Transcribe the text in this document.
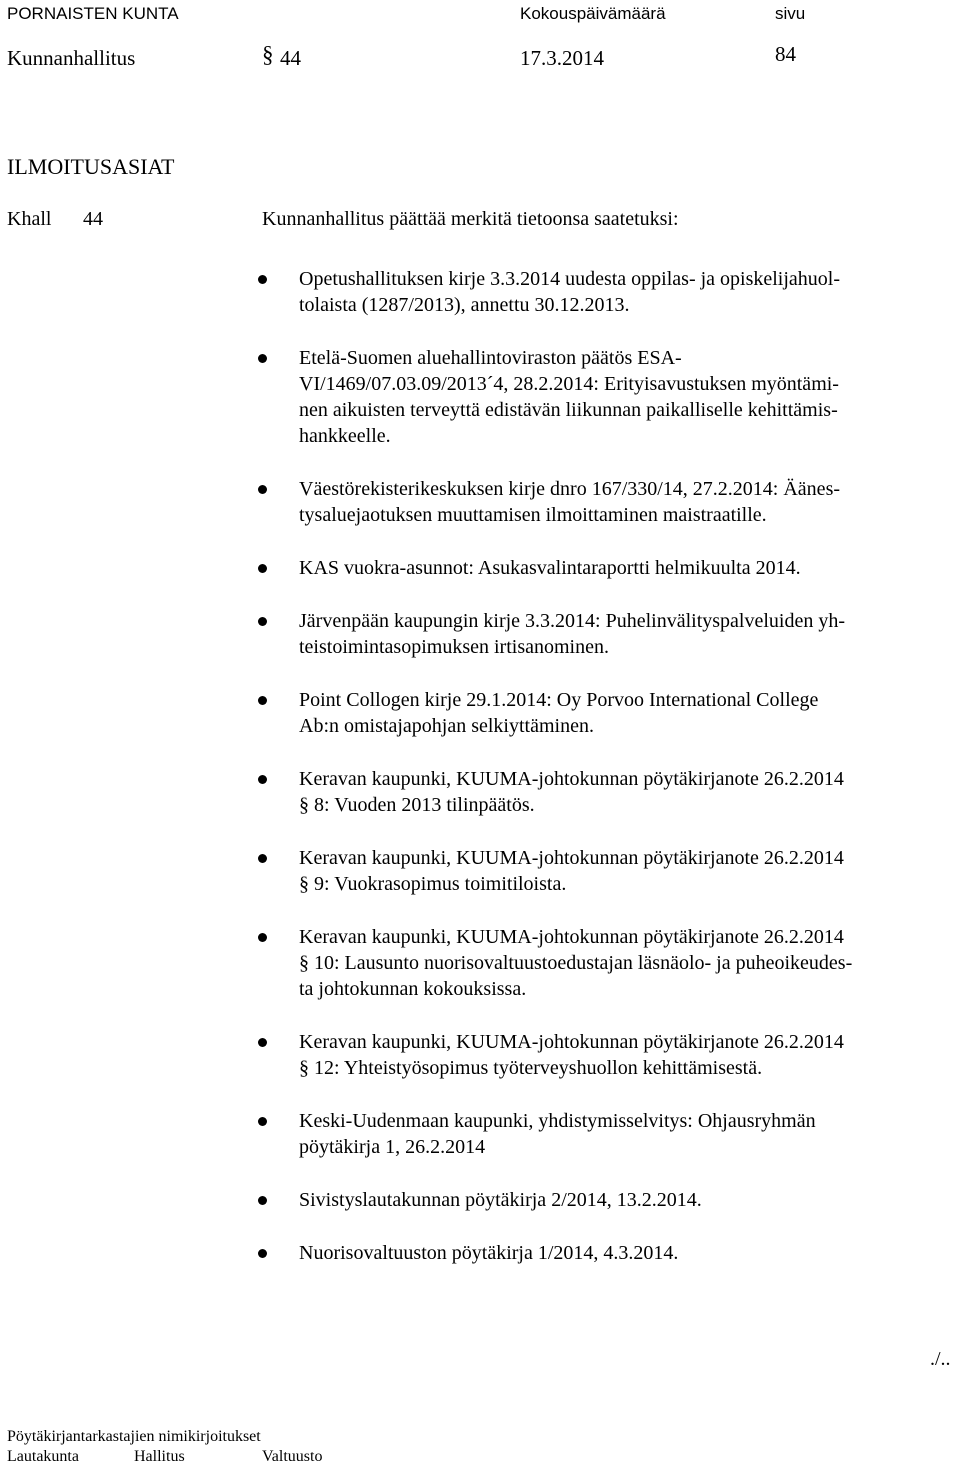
PORNAISTEN KUNTA	Kokouspäivämäärä	sivu
Kunnanhallitus	§ 44	17.3.2014	84
ILMOITUSASIAT
Khall 44	Kunnanhallitus päättää merkitä tietoonsa saatetuksi:
Opetushallituksen kirje 3.3.2014 uudesta oppilas- ja opiskelijahuol-
tolaista (1287/2013), annettu 30.12.2013.
Etelä-Suomen aluehallintoviraston päätös ESA-
VI/1469/07.03.09/2013´4, 28.2.2014: Erityisavustuksen myöntämi-
nen aikuisten terveyttä edistävän liikunnan paikalliselle kehittämis-
hankkeelle.
Väestörekisterikeskuksen kirje dnro 167/330/14, 27.2.2014: Äänes-
tysaluejaotuksen muuttamisen ilmoittaminen maistraatille.
KAS vuokra-asunnot: Asukasvalintaraportti helmikuulta 2014.
Järvenpään kaupungin kirje 3.3.2014: Puhelinvälityspalveluiden yh-
teistoimintasopimuksen irtisanominen.
Point Collogen kirje 29.1.2014: Oy Porvoo International College
Ab:n omistajapohjan selkiyttäminen.
Keravan kaupunki, KUUMA-johtokunnan pöytäkirjanote 26.2.2014
§ 8: Vuoden 2013 tilinpäätös.
Keravan kaupunki, KUUMA-johtokunnan pöytäkirjanote 26.2.2014
§ 9: Vuokrasopimus toimitiloista.
Keravan kaupunki, KUUMA-johtokunnan pöytäkirjanote 26.2.2014
§ 10: Lausunto nuorisovaltuustoedustajan läsnäolo- ja puheoikeudes-
ta johtokunnan kokouksissa.
Keravan kaupunki, KUUMA-johtokunnan pöytäkirjanote 26.2.2014
§ 12: Yhteistyösopimus työterveyshuollon kehittämisestä.
Keski-Uudenmaan kaupunki, yhdistymisselvitys: Ohjausryhmän
pöytäkirja 1, 26.2.2014
Sivistyslautakunnan pöytäkirja 2/2014, 13.2.2014.
Nuorisovaltuuston pöytäkirja 1/2014, 4.3.2014.
./..
Pöytäkirjantarkastajien nimikirjoitukset
Lautakunta	Hallitus	Valtuusto
